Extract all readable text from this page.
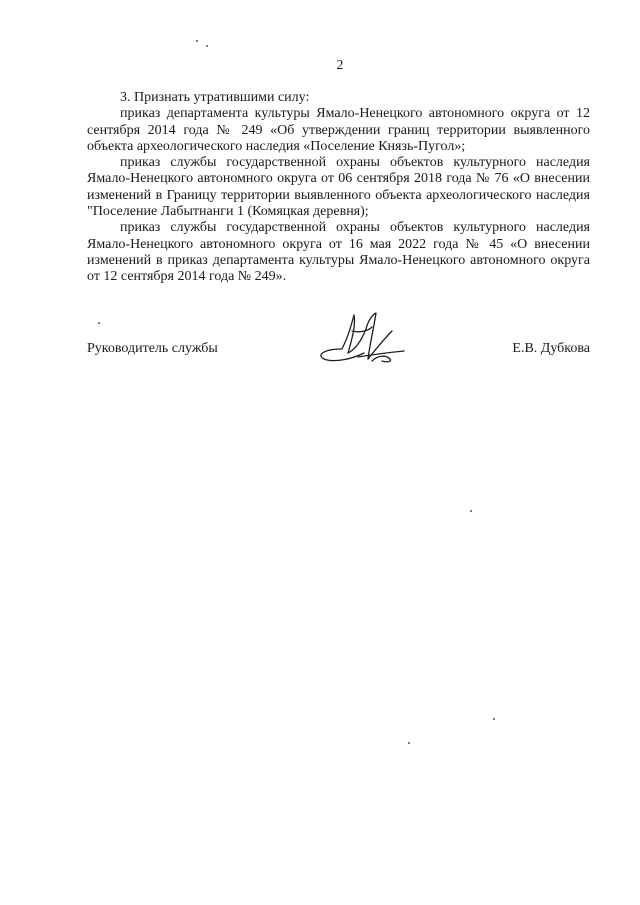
2

3. Признать утратившими силу:

приказ департамента культуры Ямало-Ненецкого автономного округа от 12 сентября 2014 года № 249 «Об утверждении границ территории выявленного объекта археологического наследия «Поселение Князь-Пугол»;

приказ службы государственной охраны объектов культурного наследия Ямало-Ненецкого автономного округа от 06 сентября 2018 года № 76 «О внесении изменений в Границу территории выявленного объекта археологического наследия "Поселение Лабытнанги 1 (Комяцкая деревня);

приказ службы государственной охраны объектов культурного наследия Ямало-Ненецкого автономного округа от 16 мая 2022 года № 45 «О внесении изменений в приказ департамента культуры Ямало-Ненецкого автономного округа от 12 сентября 2014 года № 249».

Руководитель службы	Е.В. Дубкова
